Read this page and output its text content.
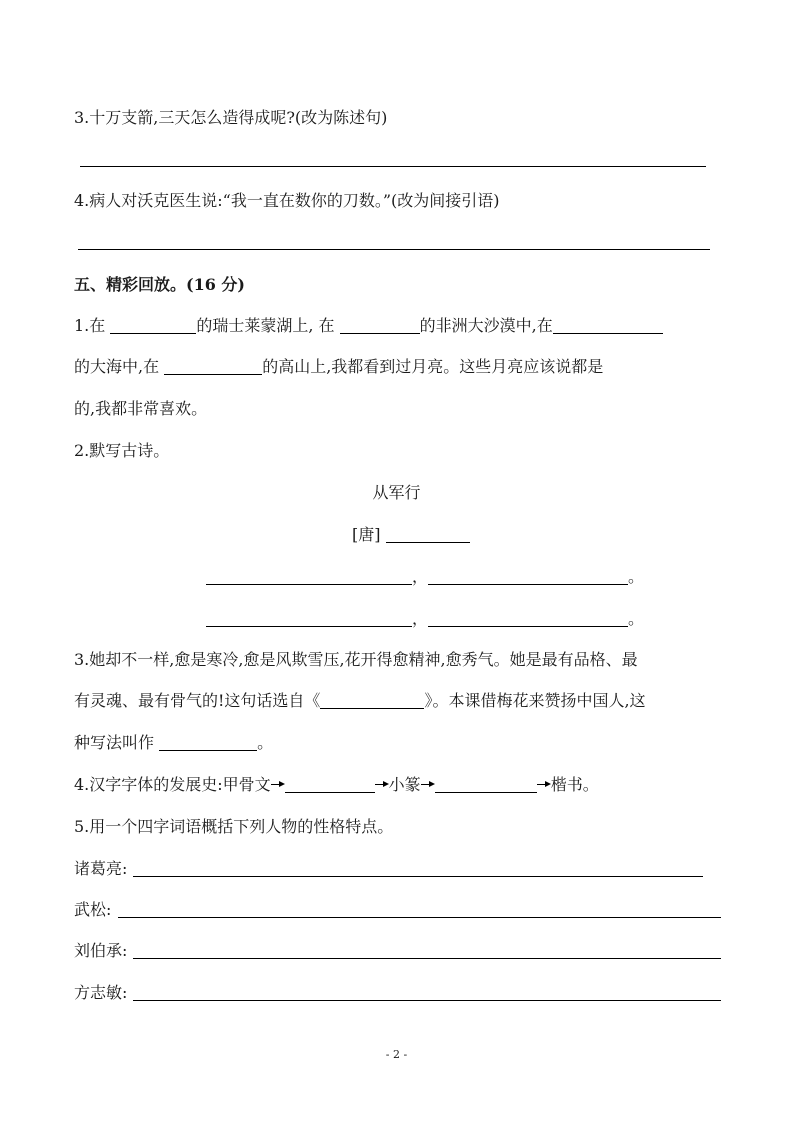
3.十万支箭,三天怎么造得成呢?(改为陈述句)
4.病人对沃克医生说:“我一直在数你的刀数。”(改为间接引语)
五、精彩回放。(16 分)
1.在	的瑞士莱蒙湖上, 在	的非洲大沙漠中,在
的大海中,在	的高山上,我都看到过月亮。这些月亮应该说都是
的,我都非常喜欢。
2.默写古诗。
从军行
[唐]
，	。
，	。
3.她却不一样,愈是寒冷,愈是风欺雪压,花开得愈精神,愈秀气。她是最有品格、最
有灵魂、最有骨气的!这句话选自《	》。本课借梅花来赞扬中国人,这
种写法叫作	。
4.汉字字体的发展史:甲骨文	小篆	楷书。
5.用一个四字词语概括下列人物的性格特点。
诸葛亮:
武松:
刘伯承:
方志敏:
- 2 -
